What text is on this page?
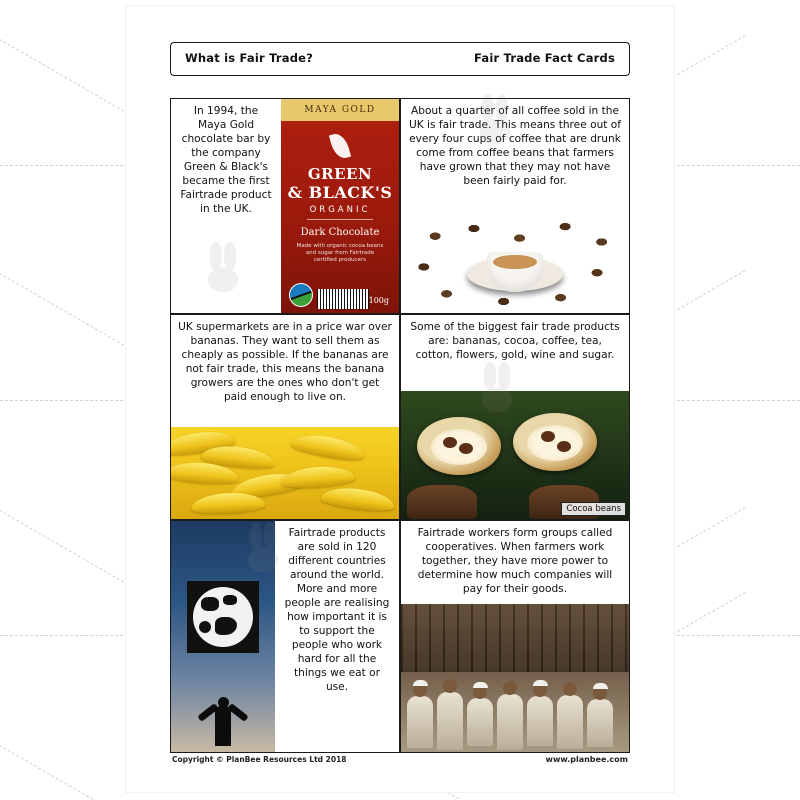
What is Fair Trade?	Fair Trade Fact Cards
In 1994, the Maya Gold chocolate bar by the company Green & Black's became the first Fairtrade product in the UK.
MAYA GOLD
GREEN
& BLACK'S
ORGANIC
Dark Chocolate
Made with organic cocoa beans and sugar from Fairtrade certified producers
100g
About a quarter of all coffee sold in the UK is fair trade. This means three out of every four cups of coffee that are drunk come from coffee beans that farmers have grown that they may not have been fairly paid for.
UK supermarkets are in a price war over bananas. They want to sell them as cheaply as possible. If the bananas are not fair trade, this means the banana growers are the ones who don't get paid enough to live on.
Some of the biggest fair trade products are: bananas, cocoa, coffee, tea, cotton, flowers, gold, wine and sugar.
Cocoa beans
Fairtrade products are sold in 120 different countries around the world. More and more people are realising how important it is to support the people who work hard for all the things we eat or use.
Fairtrade workers form groups called cooperatives. When farmers work together, they have more power to determine how much companies will pay for their goods.
Copyright © PlanBee Resources Ltd 2018	www.planbee.com
